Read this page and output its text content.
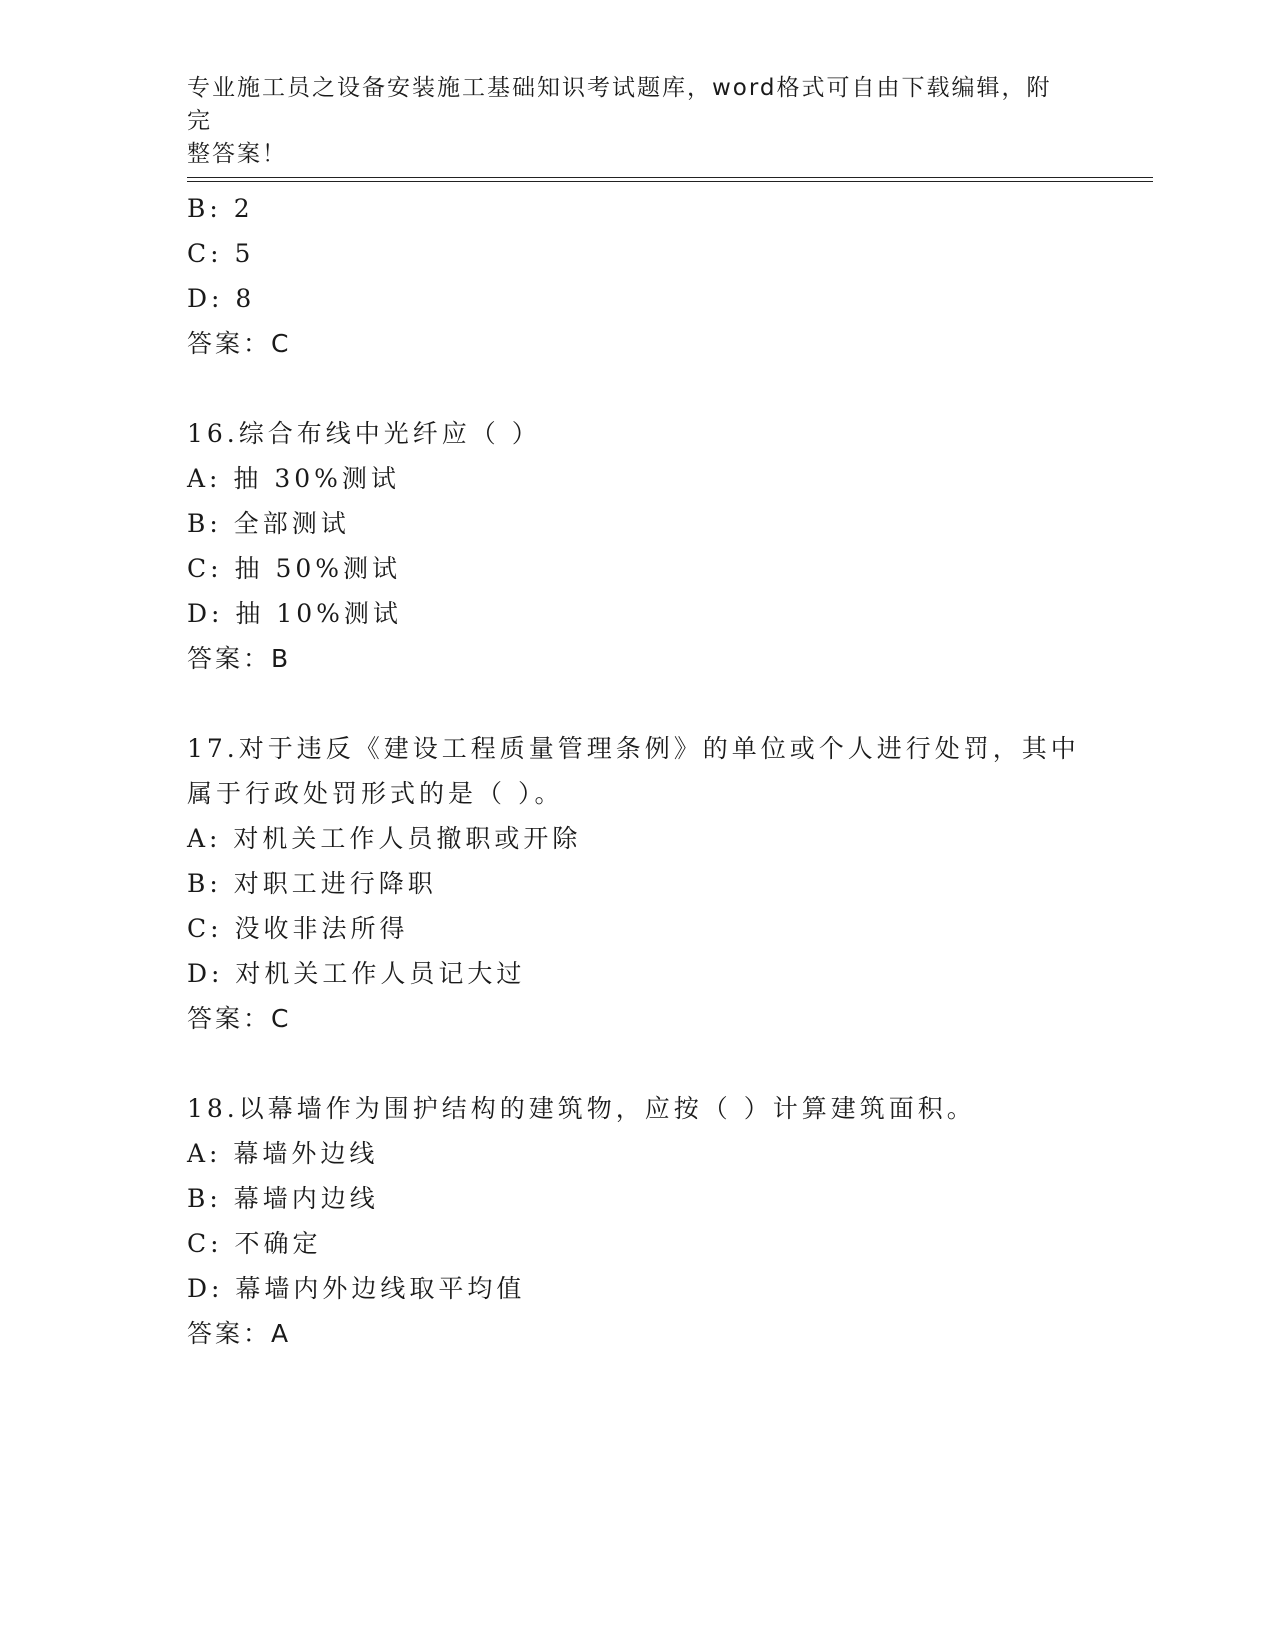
专业施工员之设备安装施工基础知识考试题库，word格式可自由下载编辑，附完
整答案！
B: 2
C: 5
D: 8
答案：C
16.综合布线中光纤应（ ）
A: 抽 30%测试
B: 全部测试
C: 抽 50%测试
D: 抽 10%测试
答案：B
17.对于违反《建设工程质量管理条例》的单位或个人进行处罚，其中
属于行政处罚形式的是（ ）。
A: 对机关工作人员撤职或开除
B: 对职工进行降职
C: 没收非法所得
D: 对机关工作人员记大过
答案：C
18.以幕墙作为围护结构的建筑物，应按（ ）计算建筑面积。
A: 幕墙外边线
B: 幕墙内边线
C: 不确定
D: 幕墙内外边线取平均值
答案：A
